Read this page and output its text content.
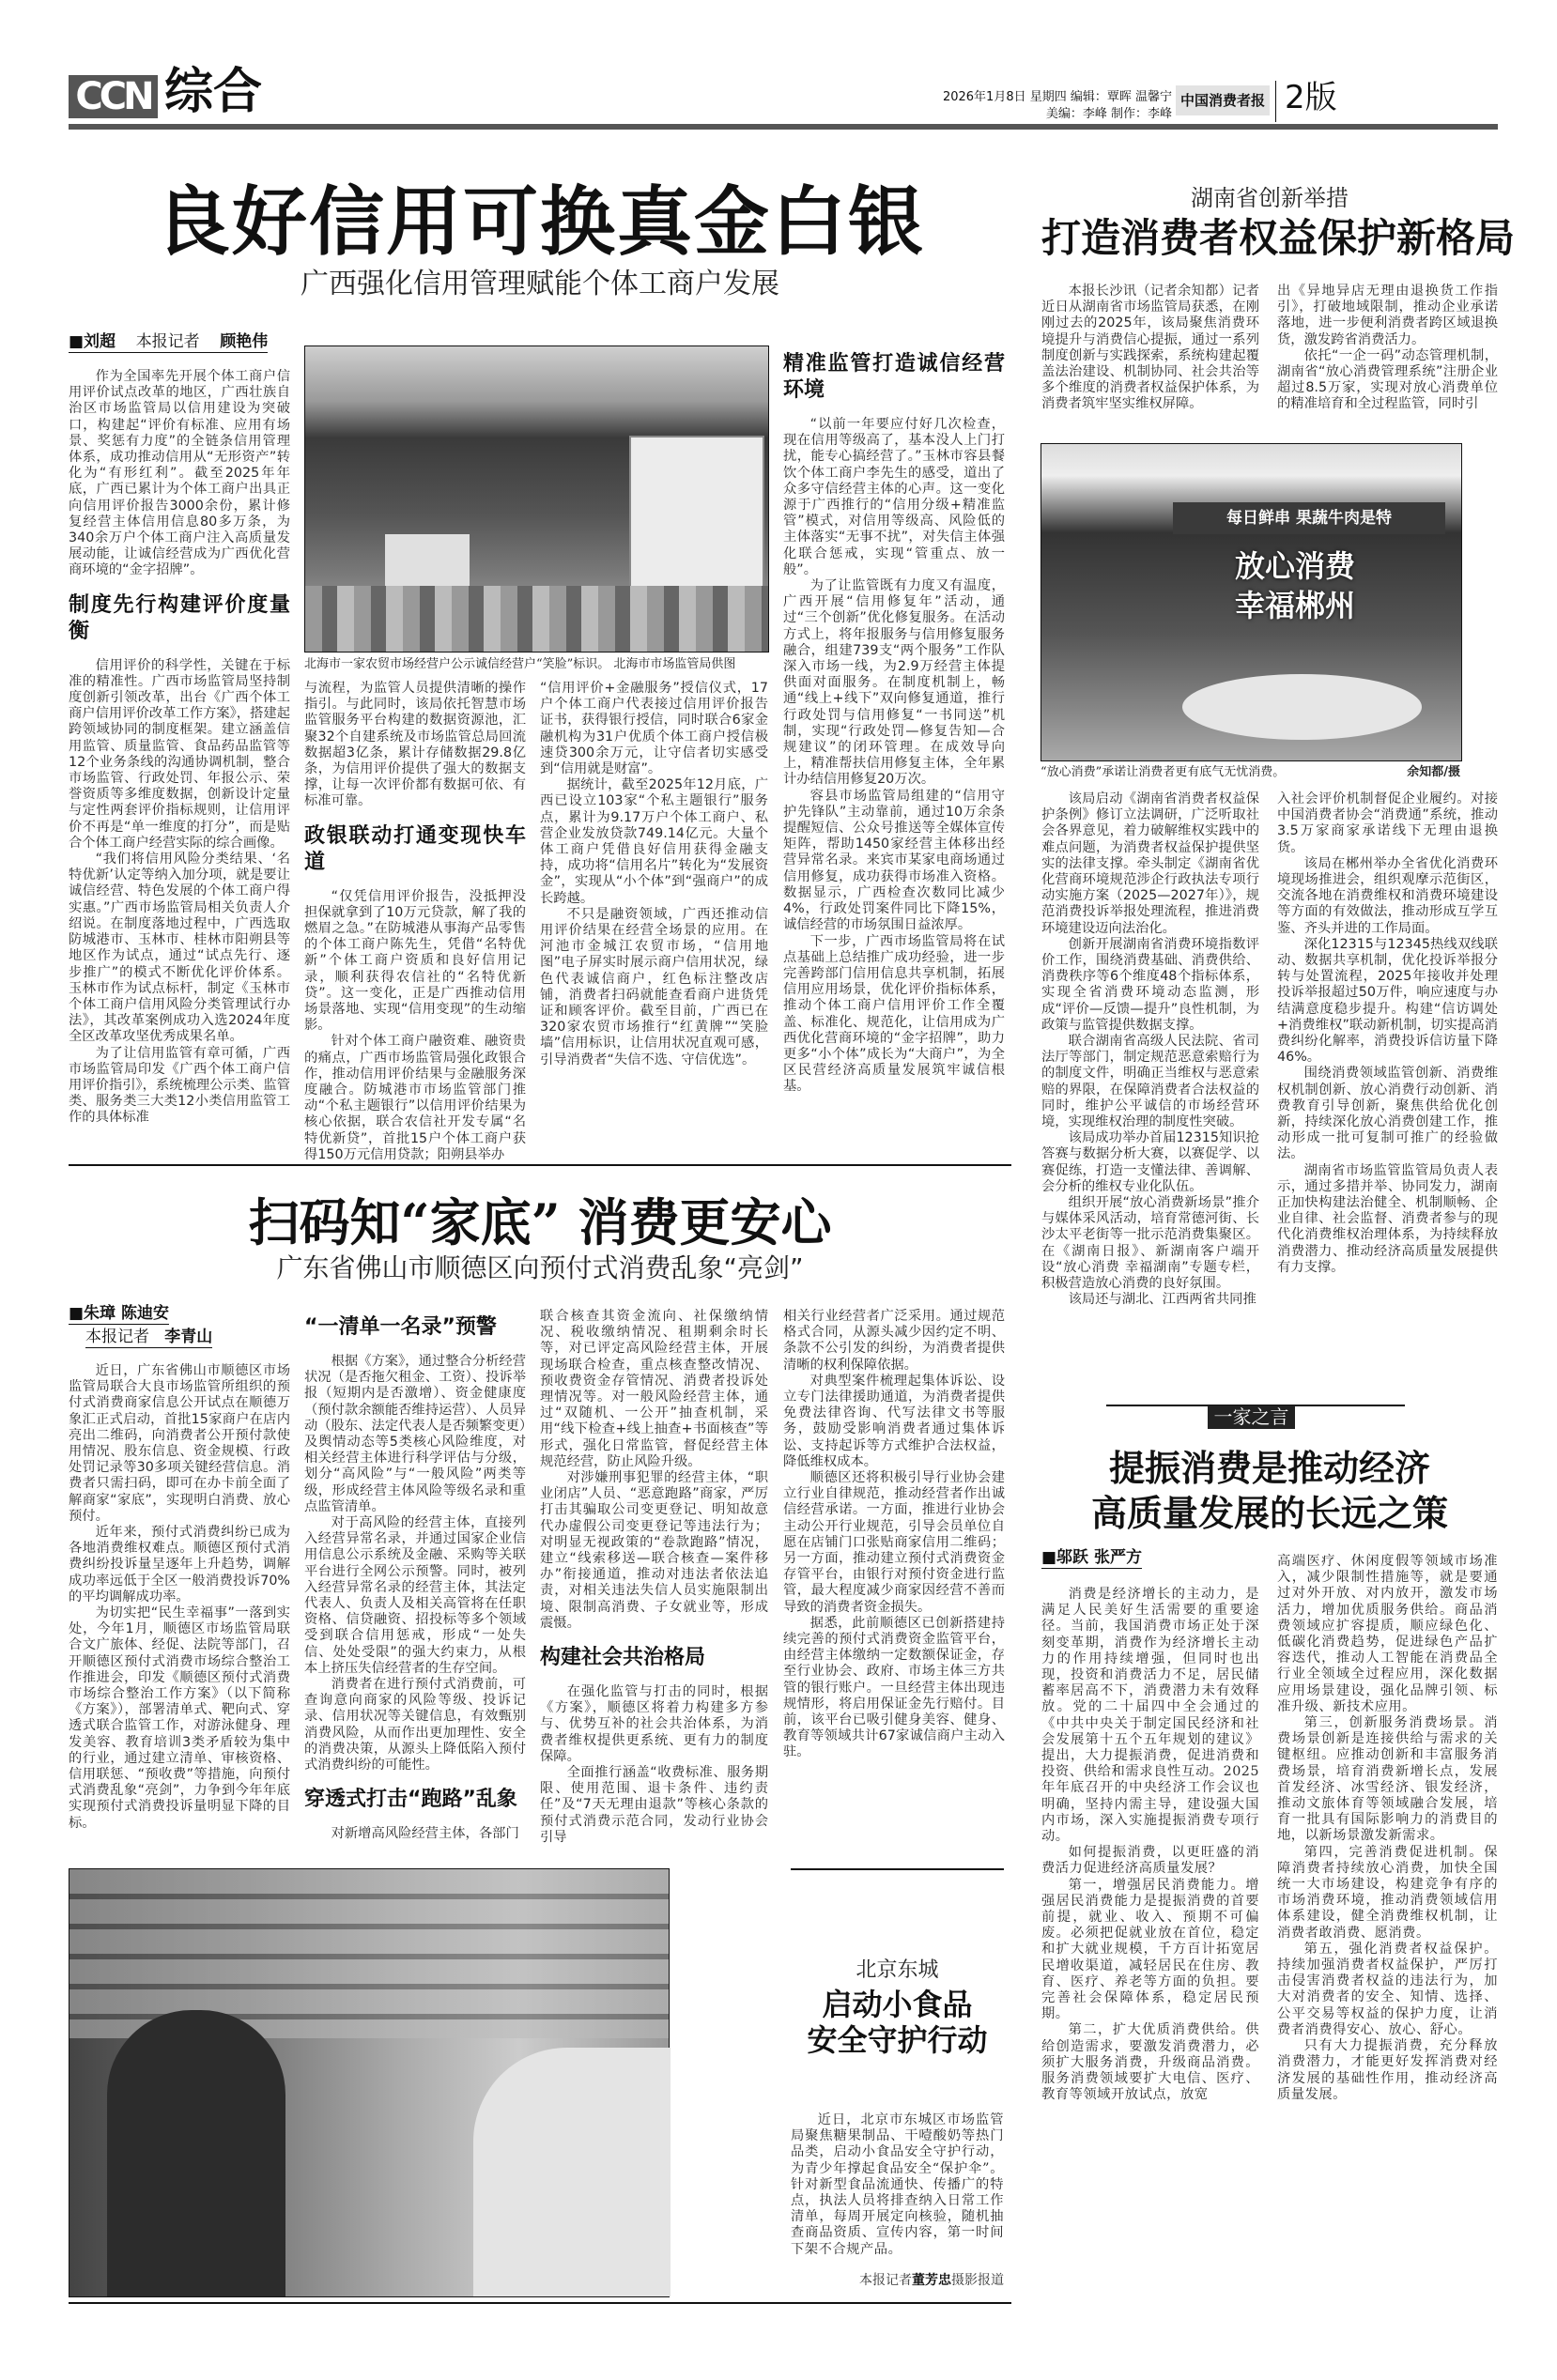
CCN 综合	2026年1月8日 星期四 编辑：覃晖 温馨宁
美编：李峰 制作：李峰
中国消费者报 2版
良好信用可换真金白银
广西强化信用管理赋能个体工商户发展
■刘超 本报记者 顾艳伟

作为全国率先开展个体工商户信用评价试点改革的地区，广西壮族自治区市场监管局以信用建设为突破口，构建起“评价有标准、应用有场景、奖惩有力度”的全链条信用管理体系，成功推动信用从“无形资产”转化为“有形红利”。截至2025年年底，广西已累计为个体工商户出具正向信用评价报告3000余份，累计修复经营主体信用信息80多万条，为340余万户个体工商户注入高质量发展动能，让诚信经营成为广西优化营商环境的“金字招牌”。

制度先行构建评价度量衡

信用评价的科学性，关键在于标准的精准性。广西市场监管局坚持制度创新引领改革，出台《广西个体工商户信用评价改革工作方案》，搭建起跨领域协同的制度框架。建立涵盖信用监管、质量监管、食品药品监管等12个业务条线的沟通协调机制，整合市场监管、行政处罚、年报公示、荣誉资质等多维度数据，创新设计定量与定性两套评价指标规则，让信用评价不再是“单一维度的打分”，而是贴合个体工商户经营实际的综合画像。

“我们将信用风险分类结果、‘名特优新’认定等纳入加分项，就是要让诚信经营、特色发展的个体工商户得实惠。”广西市场监管局相关负责人介绍说。在制度落地过程中，广西选取防城港市、玉林市、桂林市阳朔县等地区作为试点，通过“试点先行、逐步推广”的模式不断优化评价体系。玉林市作为试点标杆，制定《玉林市个体工商户信用风险分类管理试行办法》，其改革案例成功入选2024年度全区改革攻坚优秀成果名单。

为了让信用监管有章可循，广西市场监管局印发《广西个体工商户信用评价指引》，系统梳理公示类、监管类、服务类三大类12小类信用监管工作的具体标准

北海市一家农贸市场经营户公示诚信经营户“笑脸”标识。 北海市市场监管局供图

与流程，为监管人员提供清晰的操作指引。与此同时，该局依托智慧市场监管服务平台构建的数据资源池，汇聚32个自建系统及市场监管总局回流数据超3亿条，累计存储数据29.8亿条，为信用评价提供了强大的数据支撑，让每一次评价都有数据可依、有标准可靠。

政银联动打通变现快车道

“仅凭信用评价报告，没抵押没担保就拿到了10万元贷款，解了我的燃眉之急。”在防城港从事海产品零售的个体工商户陈先生，凭借“名特优新”个体工商户资质和良好信用记录，顺利获得农信社的“名特优新贷”。这一变化，正是广西推动信用场景落地、实现“信用变现”的生动缩影。

针对个体工商户融资难、融资贵的痛点，广西市场监管局强化政银合作，推动信用评价结果与金融服务深度融合。防城港市市场监管部门推动“个私主题银行”以信用评价结果为核心依据，联合农信社开发专属“名特优新贷”，首批15户个体工商户获得150万元信用贷款；阳朔县举办

“信用评价+金融服务”授信仪式，17户个体工商户代表接过信用评价报告证书，获得银行授信，同时联合6家金融机构为31户优质个体工商户授信极速贷300余万元，让守信者切实感受到“信用就是财富”。

据统计，截至2025年12月底，广西已设立103家“个私主题银行”服务点，累计为9.17万户个体工商户、私营企业发放贷款749.14亿元。大量个体工商户凭借良好信用获得金融支持，成功将“信用名片”转化为“发展资金”，实现从“小个体”到“强商户”的成长跨越。

不只是融资领域，广西还推动信用评价结果在经营全场景的应用。在河池市金城江农贸市场，“信用地图”电子屏实时展示商户信用状况，绿色代表诚信商户，红色标注整改店铺，消费者扫码就能查看商户进货凭证和顾客评价。截至目前，广西已在320家农贸市场推行“红黄牌”“笑脸墙”信用标识，让信用状况直观可感，引导消费者“失信不选、守信优选”。

精准监管打造诚信经营环境

“以前一年要应付好几次检查，现在信用等级高了，基本没人上门打扰，能专心搞经营了。”玉林市容县餐饮个体工商户李先生的感受，道出了众多守信经营主体的心声。这一变化源于广西推行的“信用分级+精准监管”模式，对信用等级高、风险低的主体落实“无事不扰”，对失信主体强化联合惩戒，实现“管重点、放一般”。

为了让监管既有力度又有温度，广西开展“信用修复年”活动，通过“三个创新”优化修复服务。在活动方式上，将年报服务与信用修复服务融合，组建739支“两个服务”工作队深入市场一线，为2.9万经营主体提供面对面服务。在制度机制上，畅通“线上+线下”双向修复通道，推行行政处罚与信用修复“一书同送”机制，实现“行政处罚—修复告知—合规建议”的闭环管理。在成效导向上，精准帮扶信用修复主体，全年累计办结信用修复20万次。

容县市场监管局组建的“信用守护先锋队”主动靠前，通过10万余条提醒短信、公众号推送等全媒体宣传矩阵，帮助1450家经营主体移出经营异常名录。来宾市某家电商场通过信用修复，成功获得市场准入资格。数据显示，广西检查次数同比减少4%，行政处罚案件同比下降15%，诚信经营的市场氛围日益浓厚。

下一步，广西市场监管局将在试点基础上总结推广成功经验，进一步完善跨部门信用信息共享机制，拓展信用应用场景，优化评价指标体系，推动个体工商户信用评价工作全覆盖、标准化、规范化，让信用成为广西优化营商环境的“金字招牌”，助力更多“小个体”成长为“大商户”，为全区民营经济高质量发展筑牢诚信根基。

湖南省创新举措
打造消费者权益保护新格局

本报长沙讯（记者余知都）记者近日从湖南省市场监管局获悉，在刚刚过去的2025年，该局聚焦消费环境提升与消费信心提振，通过一系列制度创新与实践探索，系统构建起覆盖法治建设、机制协同、社会共治等多个维度的消费者权益保护体系，为消费者筑牢坚实维权屏障。

出《异地异店无理由退换货工作指引》，打破地域限制，推动企业承诺落地，进一步便利消费者跨区域退换货，激发跨省消费活力。

依托“一企一码”动态管理机制，湖南省“放心消费管理系统”注册企业超过8.5万家，实现对放心消费单位的精准培育和全过程监管，同时引

每日鲜串 果蔬牛肉是特
放心消费
幸福郴州
“放心消费”承诺让消费者更有底气无忧消费。	余知都/摄

该局启动《湖南省消费者权益保护条例》修订立法调研，广泛听取社会各界意见，着力破解维权实践中的难点问题，为消费者权益保护提供坚实的法律支撑。牵头制定《湖南省优化营商环境规范涉企行政执法专项行动实施方案（2025—2027年）》，规范消费投诉举报处理流程，推进消费环境建设迈向法治化。

创新开展湖南省消费环境指数评价工作，围绕消费基础、消费供给、消费秩序等6个维度48个指标体系，实现全省消费环境动态监测，形成“评价—反馈—提升”良性机制，为政策与监管提供数据支撑。

联合湖南省高级人民法院、省司法厅等部门，制定规范恶意索赔行为的制度文件，明确正当维权与恶意索赔的界限，在保障消费者合法权益的同时，维护公平诚信的市场经营环境，实现维权治理的制度性突破。

该局成功举办首届12315知识抢答赛与数据分析大赛，以赛促学、以赛促练，打造一支懂法律、善调解、会分析的维权专业化队伍。

组织开展“放心消费新场景”推介与媒体采风活动，培育常德河街、长沙太平老街等一批示范消费集聚区。在《湖南日报》、新湖南客户端开设“放心消费 幸福湖南”专题专栏，积极营造放心消费的良好氛围。

该局还与湖北、江西两省共同推

入社会评价机制督促企业履约。对接中国消费者协会“消费通”系统，推动3.5万家商家承诺线下无理由退换货。

该局在郴州举办全省优化消费环境现场推进会，组织观摩示范街区，交流各地在消费维权和消费环境建设等方面的有效做法，推动形成互学互鉴、齐头并进的工作局面。

深化12315与12345热线双线联动、数据共享机制，优化投诉举报分转与处置流程，2025年接收并处理投诉举报超过50万件，响应速度与办结满意度稳步提升。构建“信访调处+消费维权”联动新机制，切实提高消费纠纷化解率，消费投诉信访量下降46%。

围绕消费领域监管创新、消费维权机制创新、放心消费行动创新、消费教育引导创新，聚焦供给优化创新，持续深化放心消费创建工作，推动形成一批可复制可推广的经验做法。

湖南省市场监管监管局负责人表示，通过多措并举、协同发力，湖南正加快构建法治健全、机制顺畅、企业自律、社会监督、消费者参与的现代化消费维权治理体系，为持续释放消费潜力、推动经济高质量发展提供有力支撑。

一家之言
提振消费是推动经济
高质量发展的长远之策
■邬跃 张严方

消费是经济增长的主动力，是满足人民美好生活需要的重要途径。当前，我国消费市场正处于深刻变革期，消费作为经济增长主动力的作用持续增强，但同时也出现，投资和消费活力不足，居民储蓄率居高不下，消费潜力未有效释放。党的二十届四中全会通过的《中共中央关于制定国民经济和社会发展第十五个五年规划的建议》提出，大力提振消费，促进消费和投资、供给和需求良性互动。2025年年底召开的中央经济工作会议也明确，坚持内需主导，建设强大国内市场，深入实施提振消费专项行动。

如何提振消费，以更旺盛的消费活力促进经济高质量发展？

第一，增强居民消费能力。增强居民消费能力是提振消费的首要前提，就业、收入、预期不可偏废。必须把促就业放在首位，稳定和扩大就业规模，千方百计拓宽居民增收渠道，减轻居民在住房、教育、医疗、养老等方面的负担。要完善社会保障体系，稳定居民预期。

第二，扩大优质消费供给。供给创造需求，要激发消费潜力，必须扩大服务消费，升级商品消费。服务消费领域要扩大电信、医疗、教育等领域开放试点，放宽

高端医疗、休闲度假等领域市场准入，减少限制性措施等，就是要通过对外开放、对内放开，激发市场活力，增加优质服务供给。商品消费领域应扩容提质，顺应绿色化、低碳化消费趋势，促进绿色产品扩容迭代，推动人工智能在消费品全行业全领域全过程应用，深化数据应用场景建设，强化品牌引领、标准升级、新技术应用。

第三，创新服务消费场景。消费场景创新是连接供给与需求的关键枢纽。应推动创新和丰富服务消费场景，培育消费新增长点，发展首发经济、冰雪经济、银发经济，推动文旅体育等领域融合发展，培育一批具有国际影响力的消费目的地，以新场景激发新需求。

第四，完善消费促进机制。保障消费者持续放心消费，加快全国统一大市场建设，构建竞争有序的市场消费环境，推动消费领域信用体系建设，健全消费维权机制，让消费者敢消费、愿消费。

第五，强化消费者权益保护。持续加强消费者权益保护，严厉打击侵害消费者权益的违法行为，加大对消费者的安全、知情、选择、公平交易等权益的保护力度，让消费者消费得安心、放心、舒心。

只有大力提振消费，充分释放消费潜力，才能更好发挥消费对经济发展的基础性作用，推动经济高质量发展。

扫码知“家底” 消费更安心
广东省佛山市顺德区向预付式消费乱象“亮剑”
■朱璋 陈迪安
本报记者 李青山

近日，广东省佛山市顺德区市场监管局联合大良市场监管所组织的预付式消费商家信息公开试点在顺德万象汇正式启动，首批15家商户在店内亮出二维码，向消费者公开预付款使用情况、股东信息、资金规模、行政处罚记录等30多项关键经营信息。消费者只需扫码，即可在办卡前全面了解商家“家底”，实现明白消费、放心预付。

近年来，预付式消费纠纷已成为各地消费维权难点。顺德区预付式消费纠纷投诉量呈逐年上升趋势，调解成功率远低于全区一般消费投诉70%的平均调解成功率。

为切实把“民生幸福事”一落到实处，今年1月，顺德区市场监管局联合文广旅体、经促、法院等部门，召开顺德区预付式消费市场综合整治工作推进会，印发《顺德区预付式消费市场综合整治工作方案》（以下简称《方案》），部署清单式、靶向式、穿透式联合监管工作，对游泳健身、理发美容、教育培训3类矛盾较为集中的行业，通过建立清单、审核资格、信用联惩、“预收费”等措施，向预付式消费乱象“亮剑”，力争到今年年底实现预付式消费投诉量明显下降的目标。

“一清单一名录”预警

根据《方案》，通过整合分析经营状况（是否拖欠租金、工资）、投诉举报（短期内是否激增）、资金健康度（预付款余额能否维持运营）、人员异动（股东、法定代表人是否频繁变更）及舆情动态等5类核心风险维度，对相关经营主体进行科学评估与分级，划分“高风险”与“一般风险”两类等级，形成经营主体风险等级名录和重点监管清单。

对于高风险的经营主体，直接列入经营异常名录，并通过国家企业信用信息公示系统及金融、采购等关联平台进行全网公示预警。同时，被列入经营异常名录的经营主体，其法定代表人、负责人及相关高管将在任职资格、信贷融资、招投标等多个领域受到联合信用惩戒，形成“一处失信、处处受限”的强大约束力，从根本上挤压失信经营者的生存空间。

消费者在进行预付式消费前，可查询意向商家的风险等级、投诉记录、信用状况等关键信息，有效甄别消费风险，从而作出更加理性、安全的消费决策，从源头上降低陷入预付式消费纠纷的可能性。

穿透式打击“跑路”乱象

对新增高风险经营主体，各部门

联合核查其资金流向、社保缴纳情况、税收缴纳情况、租期剩余时长等，对已评定高风险经营主体，开展现场联合检查，重点核查整改情况、预收费资金存管情况、消费者投诉处理情况等。对一般风险经营主体，通过“双随机、一公开”抽查机制，采用“线下检查+线上抽查+书面核查”等形式，强化日常监管，督促经营主体规范经营，防止风险升级。

对涉嫌刑事犯罪的经营主体，“职业闭店”人员、“恶意跑路”商家，严厉打击其骗取公司变更登记、明知故意代办虚假公司变更登记等违法行为；对明显无视政策的“卷款跑路”情况，建立“线索移送—联合核查—案件移办”衔接通道，推动对违法者依法追责，对相关违法失信人员实施限制出境、限制高消费、子女就业等，形成震慑。

构建社会共治格局

在强化监管与打击的同时，根据《方案》，顺德区将着力构建多方参与、优势互补的社会共治体系，为消费者维权提供更系统、更有力的制度保障。

全面推行涵盖“收费标准、服务期限、使用范围、退卡条件、违约责任”及“7天无理由退款”等核心条款的预付式消费示范合同，发动行业协会引导

相关行业经营者广泛采用。通过规范格式合同，从源头减少因约定不明、条款不公引发的纠纷，为消费者提供清晰的权利保障依据。

对典型案件梳理起集体诉讼、设立专门法律援助通道，为消费者提供免费法律咨询、代写法律文书等服务，鼓励受影响消费者通过集体诉讼、支持起诉等方式维护合法权益，降低维权成本。

顺德区还将积极引导行业协会建立行业自律规范，推动经营者作出诚信经营承诺。一方面，推进行业协会主动公开行业规范，引导会员单位自愿在店铺门口张贴商家信用二维码；另一方面，推动建立预付式消费资金存管平台，由银行对预付资金进行监管，最大程度减少商家因经营不善而导致的消费者资金损失。

据悉，此前顺德区已创新搭建持续完善的预付式消费资金监管平台，由经营主体缴纳一定数额保证金，存至行业协会、政府、市场主体三方共管的银行账户。一旦经营主体出现违规情形，将启用保证金先行赔付。目前，该平台已吸引健身美容、健身、教育等领域共计67家诚信商户主动入驻。

北京东城
启动小食品
安全守护行动

近日，北京市东城区市场监管局聚焦糖果制品、干噎酸奶等热门品类，启动小食品安全守护行动，为青少年撑起食品安全“保护伞”。针对新型食品流通快、传播广的特点，执法人员将排查纳入日常工作清单，每周开展定向核验，随机抽查商品资质、宣传内容，第一时间下架不合规产品。

本报记者董芳忠摄影报道
